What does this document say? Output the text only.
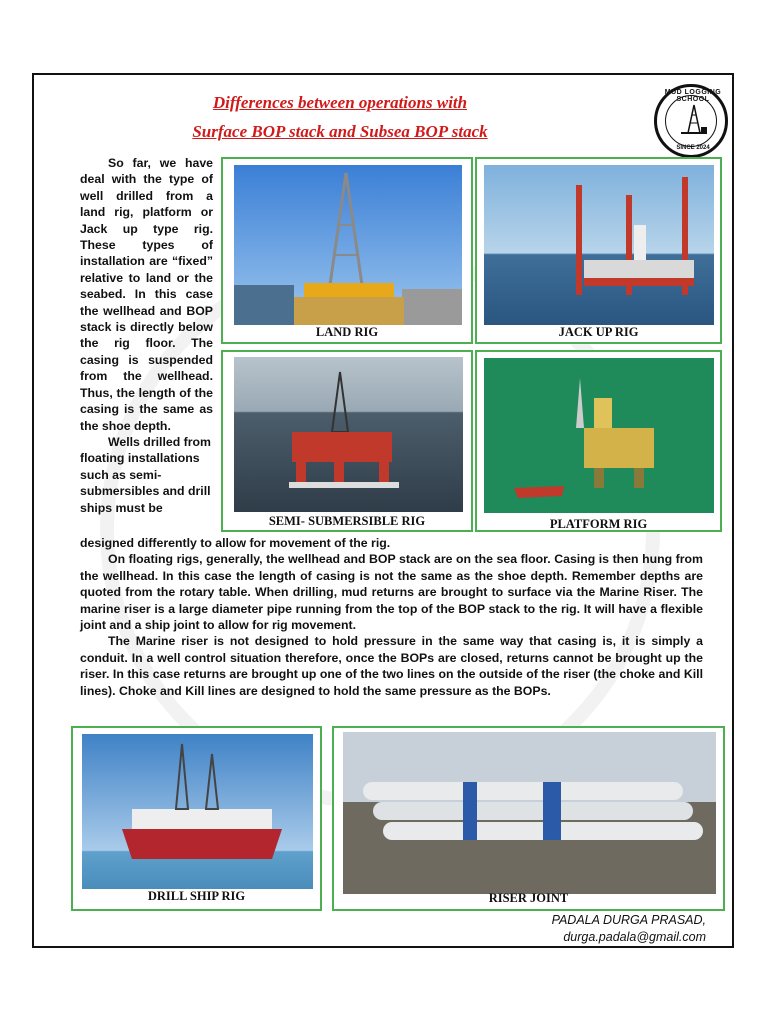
Differences between operations with
Surface BOP stack and Subsea BOP stack
MUD LOGGING SCHOOL
SINCE 2024

So far, we have deal with the type of well drilled from a land rig, platform or Jack up type rig. These types of installation are “fixed” relative to land or the seabed. In this case the wellhead and BOP stack is directly below the rig floor. The casing is suspended from the wellhead. Thus, the length of the casing is the same as the shoe depth.

Wells drilled from floating installations such as semi-submersibles and drill ships must be

LAND RIG	JACK UP RIG
SEMI- SUBMERSIBLE RIG	PLATFORM RIG

designed differently to allow for movement of the rig.

On floating rigs, generally, the wellhead and BOP stack are on the sea floor. Casing is then hung from the wellhead. In this case the length of casing is not the same as the shoe depth. Remember depths are quoted from the rotary table. When drilling, mud returns are brought to surface via the Marine Riser. The marine riser is a large diameter pipe running from the top of the BOP stack to the rig. It will have a flexible joint and a ship joint to allow for rig movement.

The Marine riser is not designed to hold pressure in the same way that casing is, it is simply a conduit. In a well control situation therefore, once the BOPs are closed, returns cannot be brought up the riser. In this case returns are brought up one of the two lines on the outside of the riser (the choke and Kill lines). Choke and Kill lines are designed to hold the same pressure as the BOPs.

DRILL SHIP RIG	RISER JOINT
PADALA DURGA PRASAD,
durga.padala@gmail.com
